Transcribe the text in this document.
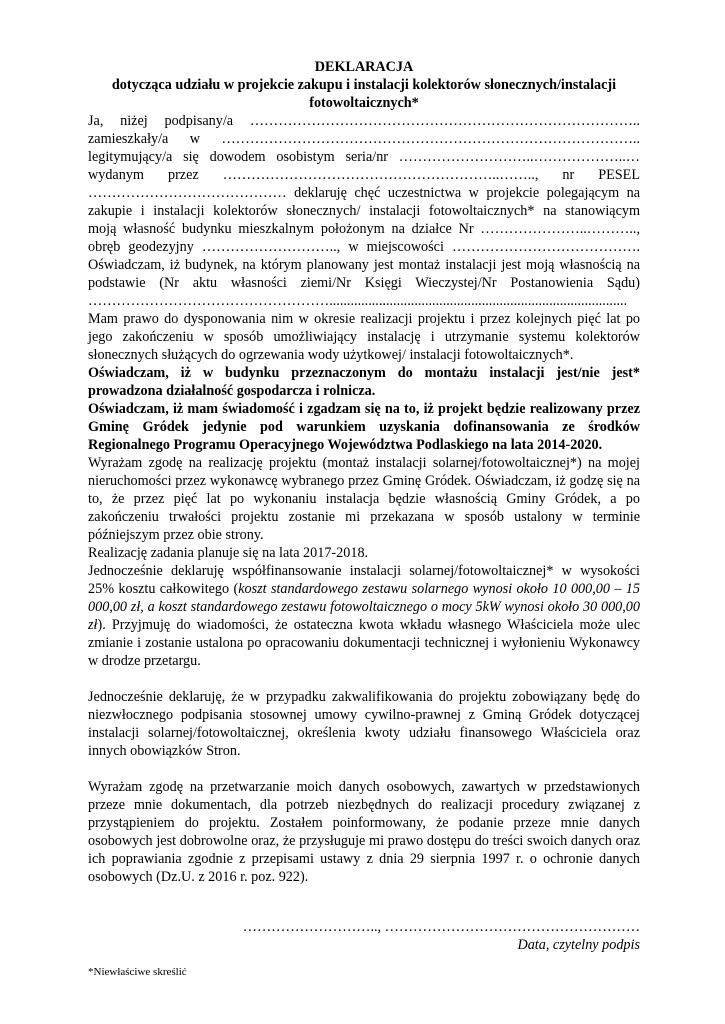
DEKLARACJA

dotycząca udziału w projekcie zakupu i instalacji kolektorów słonecznych/instalacji

fotowoltaicznych*

Ja, niżej podpisany/a ………………………………………………………………………..
zamieszkały/a w ……………………………………………………………………………..
legitymujący/a się dowodem osobistym seria/nr ………………………..………………..…
wydanym przez …………………………………………………..…….., nr PESEL
…………………………………… deklaruję chęć uczestnictwa w projekcie polegającym na
zakupie i instalacji kolektorów słonecznych/ instalacji fotowoltaicznych* na stanowiącym
moją własność budynku mieszkalnym położonym na działce Nr …………………..………..,
obręb geodezyjny ……………………….., w miejscowości ………………………………….
Oświadczam, iż budynek, na którym planowany jest montaż instalacji jest moją własnością na
podstawie (Nr aktu własności ziemi/Nr Księgi Wieczystej/Nr Postanowienia Sądu)
……………………………………………....................................................................................

Mam prawo do dysponowania nim w okresie realizacji projektu i przez kolejnych pięć lat po jego zakończeniu w sposób umożliwiający instalację i utrzymanie systemu kolektorów słonecznych służących do ogrzewania wody użytkowej/ instalacji fotowoltaicznych*.

Oświadczam, iż w budynku przeznaczonym do montażu instalacji jest/nie jest* prowadzona działalność gospodarcza i rolnicza.

Oświadczam, iż mam świadomość i zgadzam się na to, iż projekt będzie realizowany przez Gminę Gródek jedynie pod warunkiem uzyskania dofinansowania ze środków Regionalnego Programu Operacyjnego Województwa Podlaskiego na lata 2014-2020.

Wyrażam zgodę na realizację projektu (montaż instalacji solarnej/fotowoltaicznej*) na mojej nieruchomości przez wykonawcę wybranego przez Gminę Gródek. Oświadczam, iż godzę się na to, że przez pięć lat po wykonaniu instalacja będzie własnością Gminy Gródek, a po zakończeniu trwałości projektu zostanie mi przekazana w sposób ustalony w terminie późniejszym przez obie strony.

Realizację zadania planuje się na lata 2017-2018.

Jednocześnie deklaruję współfinansowanie instalacji solarnej/fotowoltaicznej* w wysokości 25% kosztu całkowitego (koszt standardowego zestawu solarnego wynosi około 10 000,00 – 15 000,00 zł, a koszt standardowego zestawu fotowoltaicznego o mocy 5kW wynosi około 30 000,00 zł). Przyjmuję do wiadomości, że ostateczna kwota wkładu własnego Właściciela może ulec zmianie i zostanie ustalona po opracowaniu dokumentacji technicznej i wyłonieniu Wykonawcy w drodze przetargu.

Jednocześnie deklaruję, że w przypadku zakwalifikowania do projektu zobowiązany będę do niezwłocznego podpisania stosownej umowy cywilno-prawnej z Gminą Gródek dotyczącej instalacji solarnej/fotowoltaicznej, określenia kwoty udziału finansowego Właściciela oraz innych obowiązków Stron.

Wyrażam zgodę na przetwarzanie moich danych osobowych, zawartych w przedstawionych przeze mnie dokumentach, dla potrzeb niezbędnych do realizacji procedury związanej z przystąpieniem do projektu. Zostałem poinformowany, że podanie przeze mnie danych osobowych jest dobrowolne oraz, że przysługuje mi prawo dostępu do treści swoich danych oraz ich poprawiania zgodnie z przepisami ustawy z dnia 29 sierpnia 1997 r. o ochronie danych osobowych (Dz.U. z 2016 r. poz. 922).

……………………….., ………………………………………………
Data, czytelny podpis
*Niewłaściwe skreślić
